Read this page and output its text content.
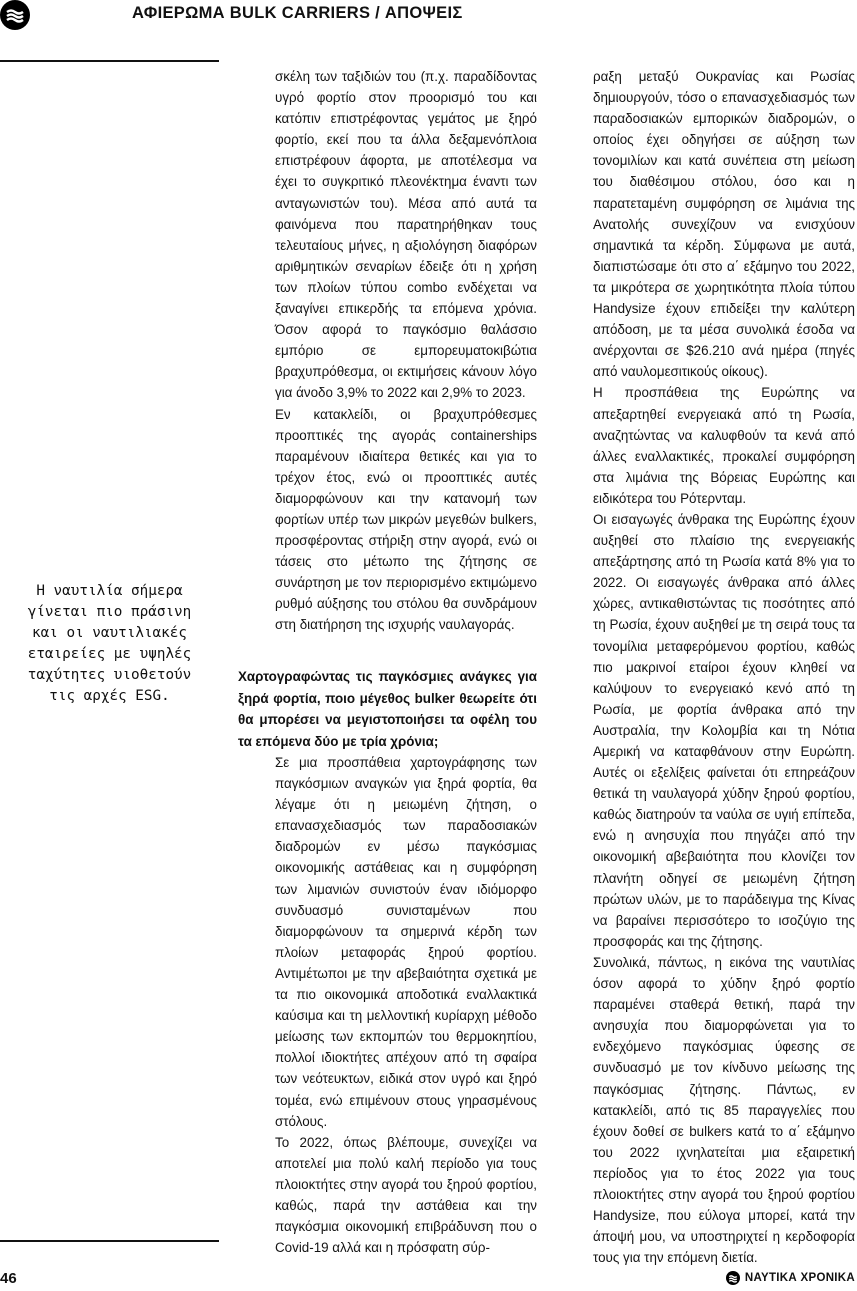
ΑΦΙΕΡΩΜΑ BULK CARRIERS / ΑΠΟΨΕΙΣ
Η ναυτιλία σήμερα
γίνεται πιο πράσινη
και οι ναυτιλιακές
εταιρείες με υψηλές
ταχύτητες υιοθετούν
τις αρχές ESG.

σκέλη των ταξιδιών του (π.χ. παραδίδοντας υγρό φορτίο στον προορισμό του και κατόπιν επιστρέφοντας γεμάτος με ξηρό φορτίο, εκεί που τα άλλα δεξαμενόπλοια επιστρέφουν άφορτα, με αποτέλεσμα να έχει το συγκριτικό πλεονέκτημα έναντι των ανταγωνιστών του). Μέσα από αυτά τα φαινόμενα που παρατηρήθηκαν τους τελευταίους μήνες, η αξιολόγηση διαφόρων αριθμητικών σεναρίων έδειξε ότι η χρήση των πλοίων τύπου combo ενδέχεται να ξαναγίνει επικερδής τα επόμενα χρόνια. Όσον αφορά το παγκόσμιο θαλάσσιο εμπόριο σε εμπορευματοκιβώτια βραχυπρόθεσμα, οι εκτιμήσεις κάνουν λόγο για άνοδο 3,9% το 2022 και 2,9% το 2023.

Εν κατακλείδι, οι βραχυπρόθεσμες προοπτικές της αγοράς containerships παραμένουν ιδιαίτερα θετικές και για το τρέχον έτος, ενώ οι προοπτικές αυτές διαμορφώνουν και την κατανομή των φορτίων υπέρ των μικρών μεγεθών bulkers, προσφέροντας στήριξη στην αγορά, ενώ οι τάσεις στο μέτωπο της ζήτησης σε συνάρτηση με τον περιορισμένο εκτιμώμενο ρυθμό αύξησης του στόλου θα συνδράμουν στη διατήρηση της ισχυρής ναυλαγοράς.

Χαρτογραφώντας τις παγκόσμιες ανάγκες για ξηρά φορτία, ποιο μέγεθος bulker θεωρείτε ότι θα μπορέσει να μεγιστοποιήσει τα οφέλη του τα επόμενα δύο με τρία χρόνια;

Σε μια προσπάθεια χαρτογράφησης των παγκόσμιων αναγκών για ξηρά φορτία, θα λέγαμε ότι η μειωμένη ζήτηση, ο επανασχεδιασμός των παραδοσιακών διαδρομών εν μέσω παγκόσμιας οικονομικής αστάθειας και η συμφόρηση των λιμανιών συνιστούν έναν ιδιόμορφο συνδυασμό συνισταμένων που διαμορφώνουν τα σημερινά κέρδη των πλοίων μεταφοράς ξηρού φορτίου. Αντιμέτωποι με την αβεβαιότητα σχετικά με τα πιο οικονομικά αποδοτικά εναλλακτικά καύσιμα και τη μελλοντική κυρίαρχη μέθοδο μείωσης των εκπομπών του θερμοκηπίου, πολλοί ιδιοκτήτες απέχουν από τη σφαίρα των νεότευκτων, ειδικά στον υγρό και ξηρό τομέα, ενώ επιμένουν στους γηρασμένους στόλους.

Το 2022, όπως βλέπουμε, συνεχίζει να αποτελεί μια πολύ καλή περίοδο για τους πλοιοκτήτες στην αγορά του ξηρού φορτίου, καθώς, παρά την αστάθεια και την παγκόσμια οικονομική επιβράδυνση που ο Covid-19 αλλά και η πρόσφατη σύρ-

ραξη μεταξύ Ουκρανίας και Ρωσίας δημιουργούν, τόσο ο επανασχεδιασμός των παραδοσιακών εμπορικών διαδρομών, ο οποίος έχει οδηγήσει σε αύξηση των τονομιλίων και κατά συνέπεια στη μείωση του διαθέσιμου στόλου, όσο και η παρατεταμένη συμφόρηση σε λιμάνια της Ανατολής συνεχίζουν να ενισχύουν σημαντικά τα κέρδη. Σύμφωνα με αυτά, διαπιστώσαμε ότι στο α΄ εξάμηνο του 2022, τα μικρότερα σε χωρητικότητα πλοία τύπου Handysize έχουν επιδείξει την καλύτερη απόδοση, με τα μέσα συνολικά έσοδα να ανέρχονται σε $26.210 ανά ημέρα (πηγές από ναυλομεσιτικούς οίκους).

Η προσπάθεια της Ευρώπης να απεξαρτηθεί ενεργειακά από τη Ρωσία, αναζητώντας να καλυφθούν τα κενά από άλλες εναλλακτικές, προκαλεί συμφόρηση στα λιμάνια της Βόρειας Ευρώπης και ειδικότερα του Ρότερνταμ.

Οι εισαγωγές άνθρακα της Ευρώπης έχουν αυξηθεί στο πλαίσιο της ενεργειακής απεξάρτησης από τη Ρωσία κατά 8% για το 2022. Οι εισαγωγές άνθρακα από άλλες χώρες, αντικαθιστώντας τις ποσότητες από τη Ρωσία, έχουν αυξηθεί με τη σειρά τους τα τονομίλια μεταφερόμενου φορτίου, καθώς πιο μακρινοί εταίροι έχουν κληθεί να καλύψουν το ενεργειακό κενό από τη Ρωσία, με φορτία άνθρακα από την Αυστραλία, την Κολομβία και τη Νότια Αμερική να καταφθάνουν στην Ευρώπη. Αυτές οι εξελίξεις φαίνεται ότι επηρεάζουν θετικά τη ναυλαγορά χύδην ξηρού φορτίου, καθώς διατηρούν τα ναύλα σε υγιή επίπεδα, ενώ η ανησυχία που πηγάζει από την οικονομική αβεβαιότητα που κλονίζει τον πλανήτη οδηγεί σε μειωμένη ζήτηση πρώτων υλών, με το παράδειγμα της Κίνας να βαραίνει περισσότερο το ισοζύγιο της προσφοράς και της ζήτησης.

Συνολικά, πάντως, η εικόνα της ναυτιλίας όσον αφορά το χύδην ξηρό φορτίο παραμένει σταθερά θετική, παρά την ανησυχία που διαμορφώνεται για το ενδεχόμενο παγκόσμιας ύφεσης σε συνδυασμό με τον κίνδυνο μείωσης της παγκόσμιας ζήτησης. Πάντως, εν κατακλείδι, από τις 85 παραγγελίες που έχουν δοθεί σε bulkers κατά το α΄ εξάμηνο του 2022 ιχνηλατείται μια εξαιρετική περίοδος για το έτος 2022 για τους πλοιοκτήτες στην αγορά του ξηρού φορτίου Handysize, που εύλογα μπορεί, κατά την άποψή μου, να υποστηριχτεί η κερδοφορία τους για την επόμενη διετία.

46	ΝΑΥΤΙΚΑ ΧΡΟΝΙΚΑ
